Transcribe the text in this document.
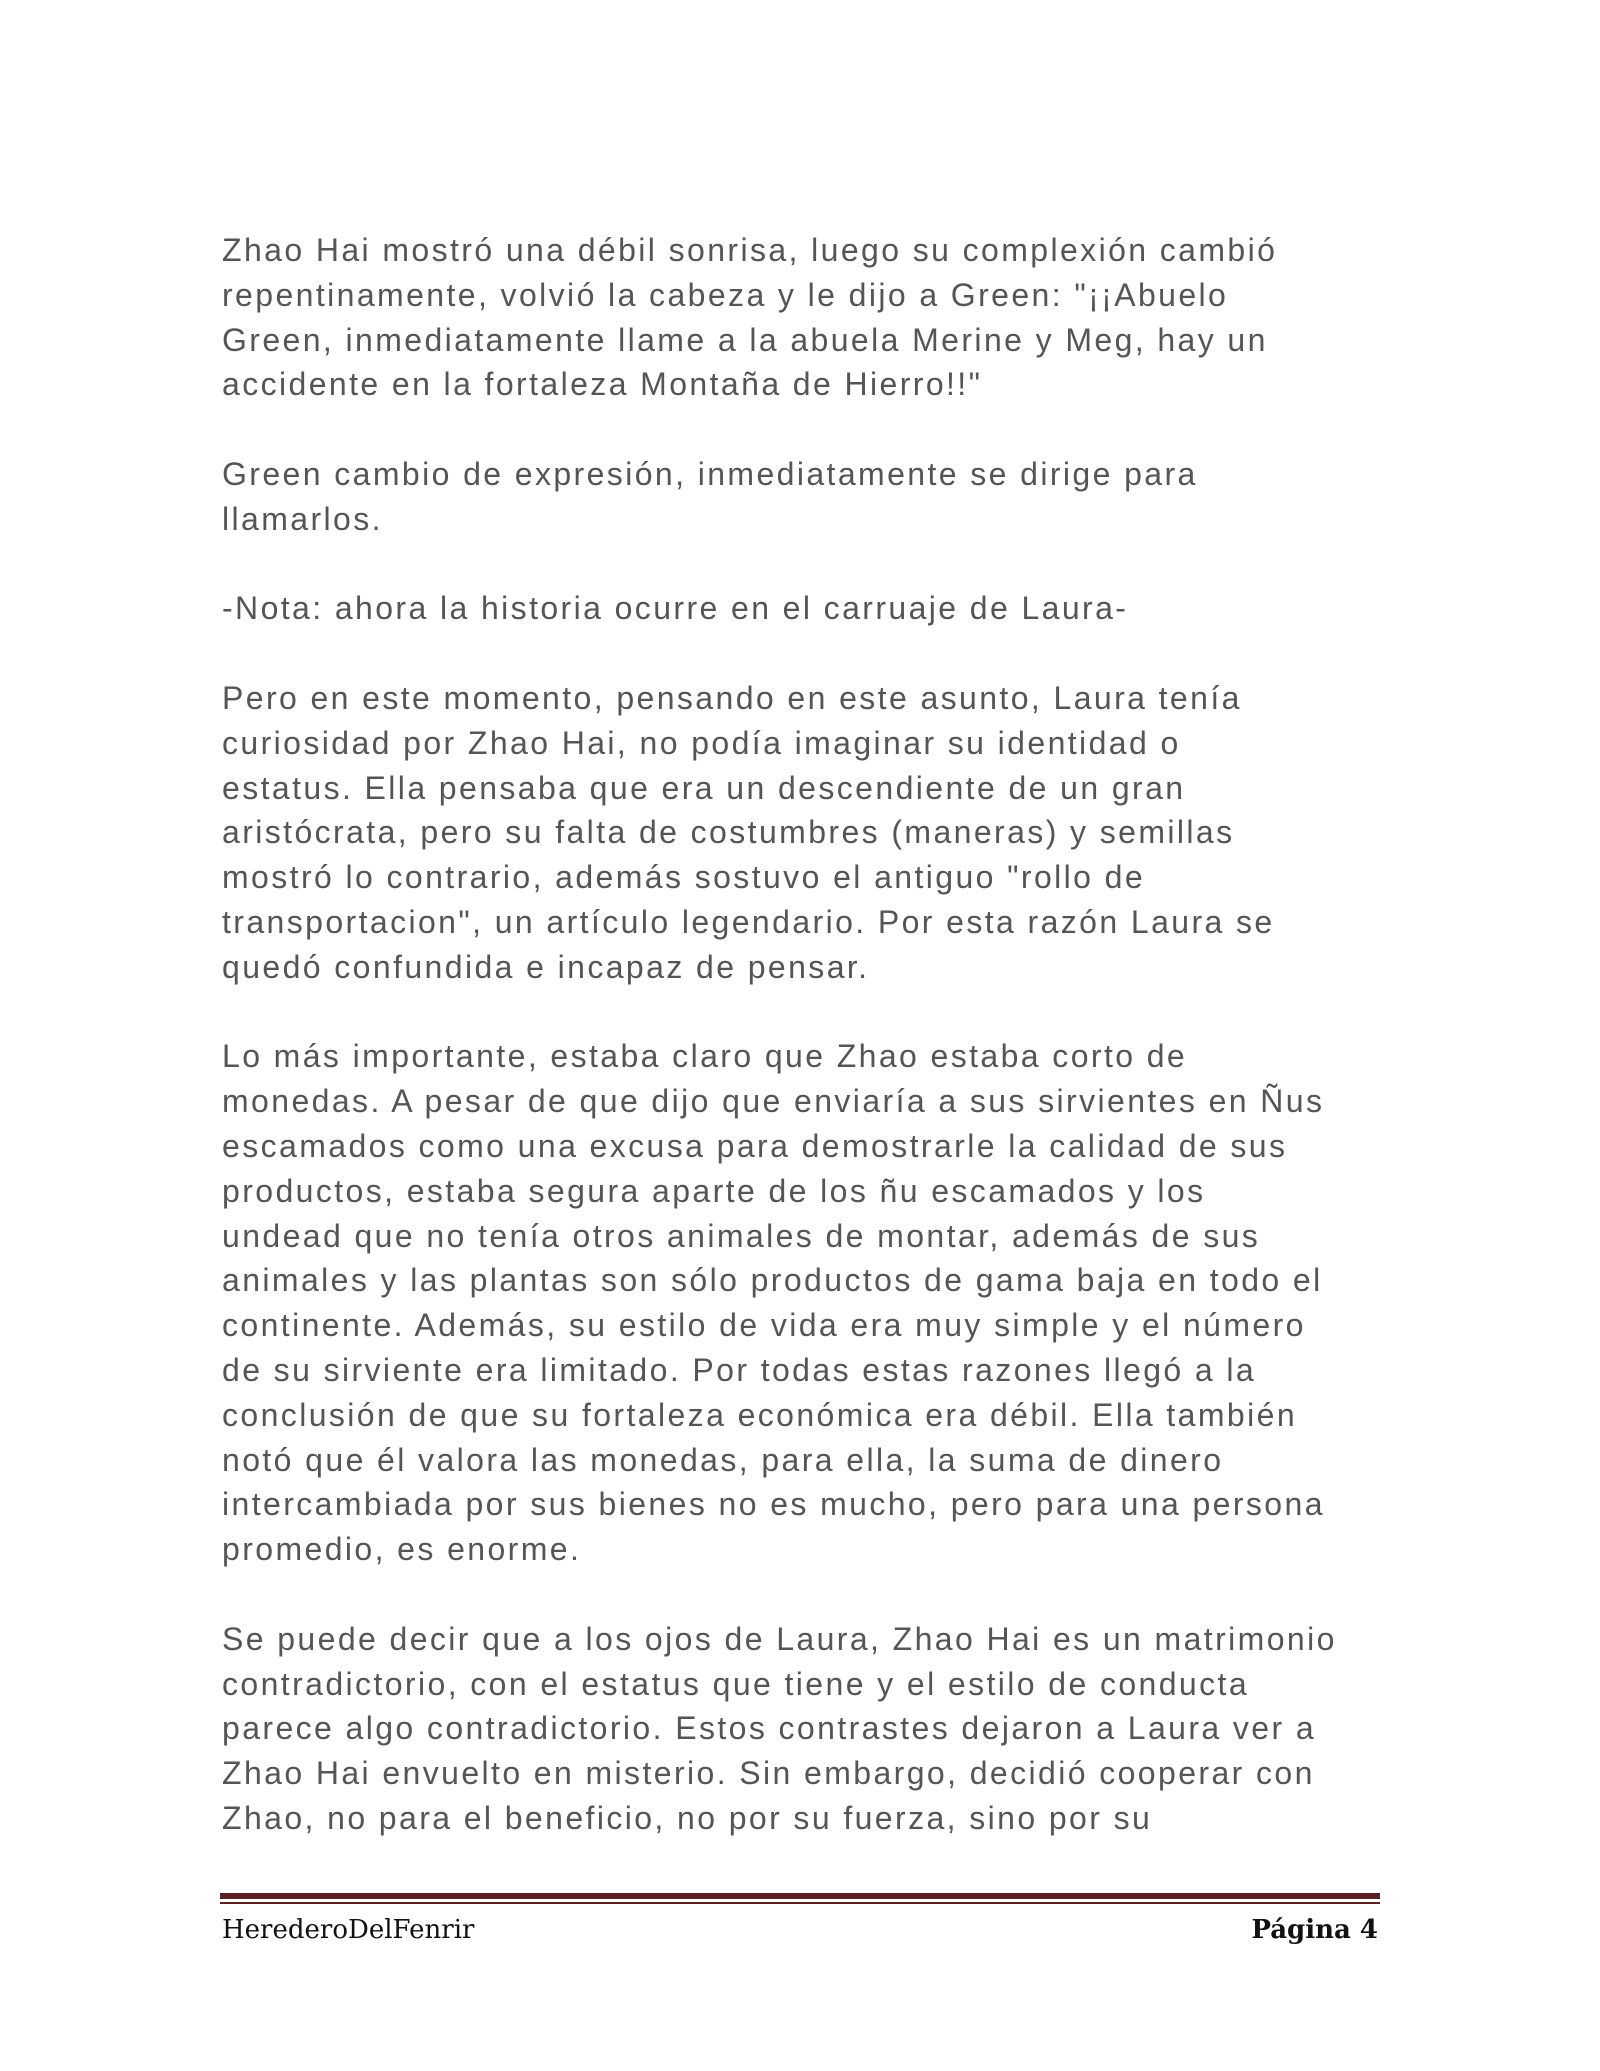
Zhao Hai mostró una débil sonrisa, luego su complexión cambió
repentinamente, volvió la cabeza y le dijo a Green: "¡¡Abuelo
Green, inmediatamente llame a la abuela Merine y Meg, hay un
accidente en la fortaleza Montaña de Hierro!!"

Green cambio de expresión, inmediatamente se dirige para
llamarlos.

-Nota: ahora la historia ocurre en el carruaje de Laura-

Pero en este momento, pensando en este asunto, Laura tenía
curiosidad por Zhao Hai, no podía imaginar su identidad o
estatus. Ella pensaba que era un descendiente de un gran
aristócrata, pero su falta de costumbres (maneras) y semillas
mostró lo contrario, además sostuvo el antiguo "rollo de
transportacion", un artículo legendario. Por esta razón Laura se
quedó confundida e incapaz de pensar.

Lo más importante, estaba claro que Zhao estaba corto de
monedas. A pesar de que dijo que enviaría a sus sirvientes en Ñus
escamados como una excusa para demostrarle la calidad de sus
productos, estaba segura aparte de los ñu escamados y los
undead que no tenía otros animales de montar, además de sus
animales y las plantas son sólo productos de gama baja en todo el
continente. Además, su estilo de vida era muy simple y el número
de su sirviente era limitado. Por todas estas razones llegó a la
conclusión de que su fortaleza económica era débil. Ella también
notó que él valora las monedas, para ella, la suma de dinero
intercambiada por sus bienes no es mucho, pero para una persona
promedio, es enorme.

Se puede decir que a los ojos de Laura, Zhao Hai es un matrimonio
contradictorio, con el estatus que tiene y el estilo de conducta
parece algo contradictorio. Estos contrastes dejaron a Laura ver a
Zhao Hai envuelto en misterio. Sin embargo, decidió cooperar con
Zhao, no para el beneficio, no por su fuerza, sino por su

HerederoDelFenrir	Página 4
